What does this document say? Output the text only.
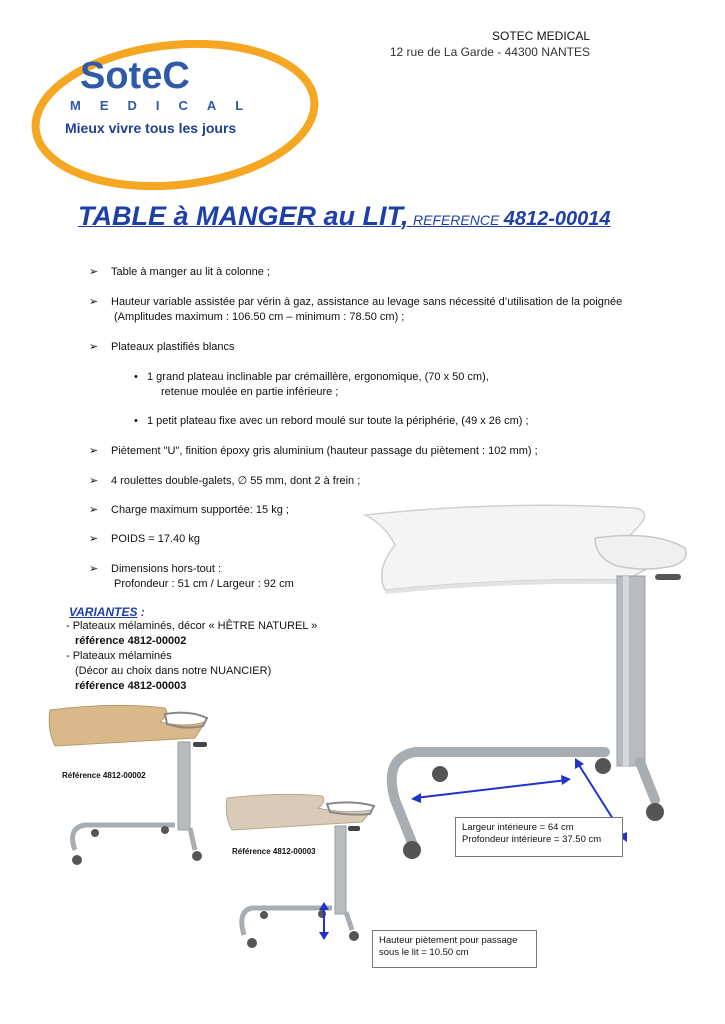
SOTEC MEDICAL
12 rue de La Garde - 44300 NANTES
SoteC
MEDICAL
Mieux vivre tous les jours
TABLE à MANGER au LIT, REFERENCE 4812-00014
➢ Table à manger au lit à colonne ;
➢ Hauteur variable assistée par vérin à gaz, assistance au levage sans nécessité d’utilisation de la poignée
(Amplitudes maximum : 106.50 cm – minimum : 78.50 cm) ;
➢ Plateaux plastifiés blancs
• 1 grand plateau inclinable par crémaillère, ergonomique, (70 x 50 cm),
retenue moulée en partie inférieure ;
• 1 petit plateau fixe avec un rebord moulé sur toute la périphérie, (49 x 26 cm) ;
➢ Piètement "U", finition époxy gris aluminium (hauteur passage du piètement : 102 mm) ;
➢ 4 roulettes double-galets, ∅ 55 mm, dont 2 à frein ;
➢ Charge maximum supportée: 15 kg ;
➢ POIDS = 17.40 kg
➢ Dimensions hors-tout :
Profondeur : 51 cm / Largeur : 92 cm
VARIANTES :
- Plateaux mélaminés, décor « HÊTRE NATUREL »
référence 4812-00002
- Plateaux mélaminés
(Décor au choix dans notre NUANCIER)
référence 4812-00003
Référence 4812-00002
Référence 4812-00003
Largeur intérieure = 64 cm
Profondeur intérieure = 37.50 cm
Hauteur piètement pour passage
sous le lit = 10.50 cm
